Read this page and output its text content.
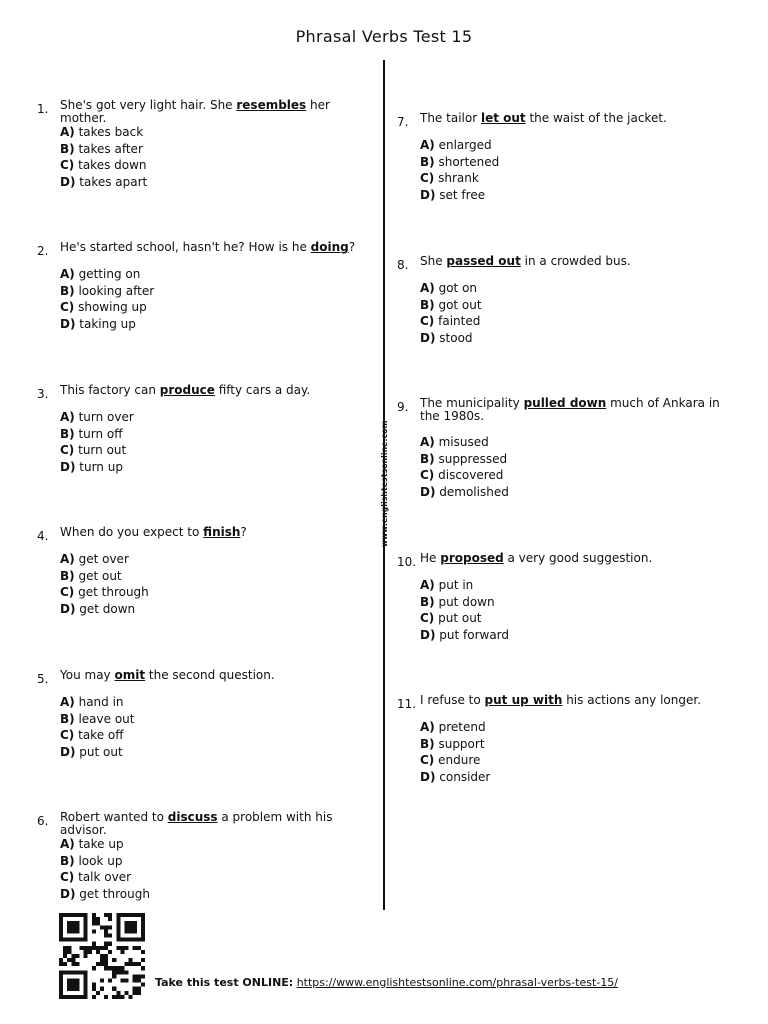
Phrasal Verbs Test 15
www.englishtestsonline.com
1. She's got very light hair. She resembles her mother.
A) takes back
B) takes after
C) takes down
D) takes apart
2. He's started school, hasn't he? How is he doing?
A) getting on
B) looking after
C) showing up
D) taking up
3. This factory can produce fifty cars a day.
A) turn over
B) turn off
C) turn out
D) turn up
4. When do you expect to finish?
A) get over
B) get out
C) get through
D) get down
5. You may omit the second question.
A) hand in
B) leave out
C) take off
D) put out
6. Robert wanted to discuss a problem with his advisor.
A) take up
B) look up
C) talk over
D) get through
7. The tailor let out the waist of the jacket.
A) enlarged
B) shortened
C) shrank
D) set free
8. She passed out in a crowded bus.
A) got on
B) got out
C) fainted
D) stood
9. The municipality pulled down much of Ankara in the 1980s.
A) misused
B) suppressed
C) discovered
D) demolished
10. He proposed a very good suggestion.
A) put in
B) put down
C) put out
D) put forward
11. I refuse to put up with his actions any longer.
A) pretend
B) support
C) endure
D) consider
Take this test ONLINE: https://www.englishtestsonline.com/phrasal-verbs-test-15/
